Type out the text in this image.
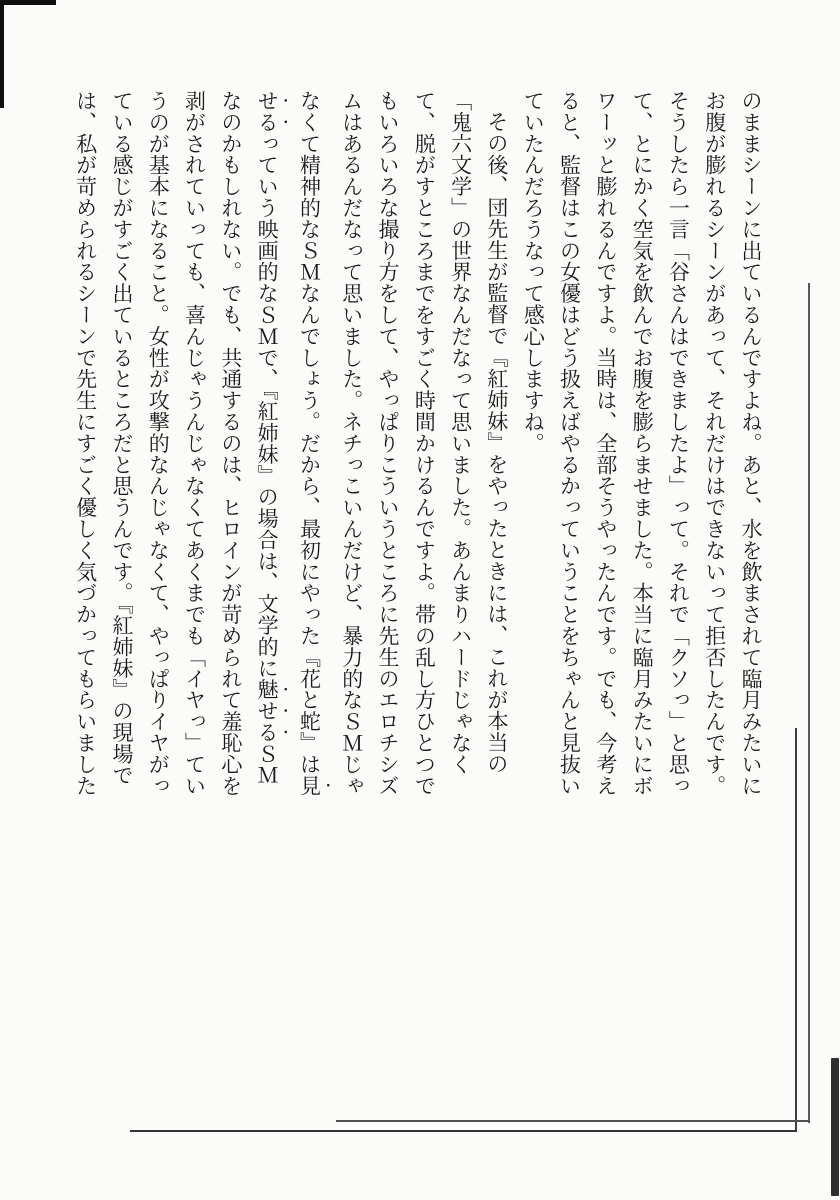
のままシーンに出ているんですよね。あと、水を飲まされて臨月みたいに
お腹が膨れるシーンがあって、それだけはできないって拒否したんです。
そうしたら一言「谷さんはできましたよ」って。それで「クソっ」と思っ
て、とにかく空気を飲んでお腹を膨らませました。本当に臨月みたいにボ
ワーッと膨れるんですよ。当時は、全部そうやったんです。でも、今考え
ると、監督はこの女優はどう扱えばやるかっていうことをちゃんと見抜い
ていたんだろうなって感心しますね。
その後、団先生が監督で『紅姉妹』をやったときには、これが本当の
「鬼六文学」の世界なんだなって思いました。あんまりハードじゃなく
て、脱がすところまでをすごく時間かけるんですよ。帯の乱し方ひとつで
もいろいろな撮り方をして、やっぱりこういうところに先生のエロチシズ
ムはあるんだなって思いました。ネチっこいんだけど、暴力的なＳＭじゃ
なくて精神的なＳＭなんでしょう。だから、最初にやった『花と蛇』は見
せるっていう映画的なＳＭで、『紅姉妹』の場合は、文学的に魅せるＳＭ
なのかもしれない。でも、共通するのは、ヒロインが苛められて羞恥心を
剥がされていっても、喜んじゃうんじゃなくてあくまでも「イヤっ」てい
うのが基本になること。女性が攻撃的なんじゃなくて、やっぱりイヤがっ
ている感じがすごく出ているところだと思うんです。『紅姉妹』の現場で
は、私が苛められるシーンで先生にすごく優しく気づかってもらいました
